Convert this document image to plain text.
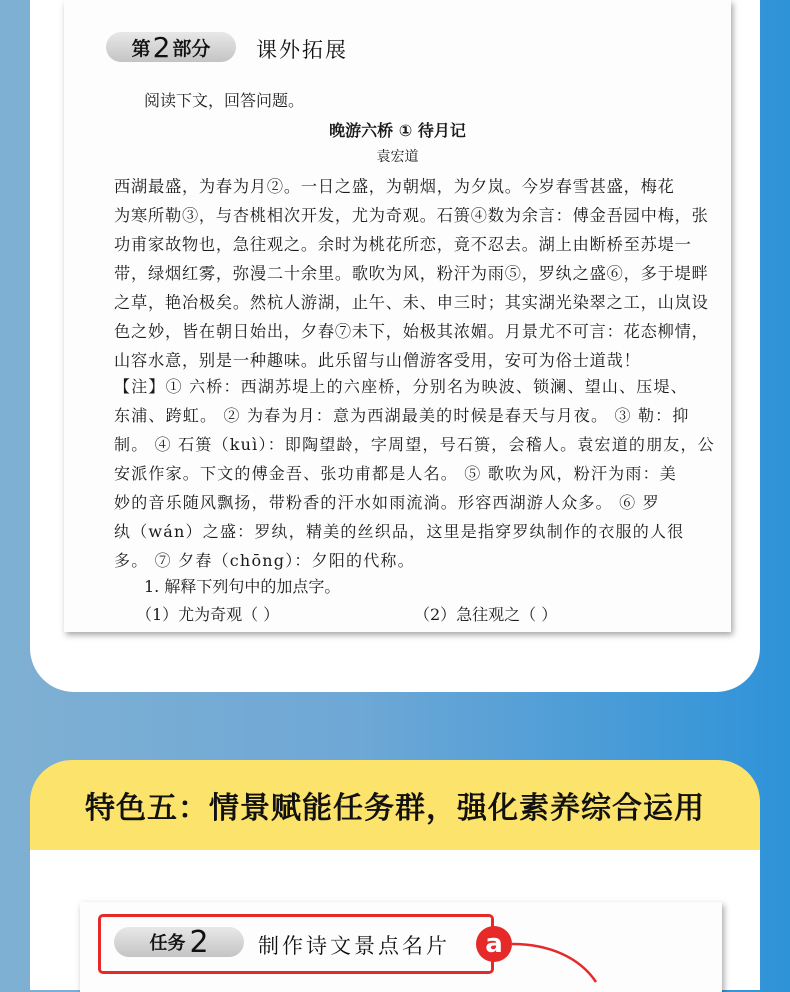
第 2 部分 课外拓展
阅读下文，回答问题。
晚游六桥 ① 待月记
袁宏道
西湖最盛，为春为月②。一日之盛，为朝烟，为夕岚。今岁春雪甚盛，梅花
为寒所勒③，与杏桃相次开发，尤为奇观。石篑④数为余言：傅金吾园中梅，张
功甫家故物也，急往观之。余时为桃花所恋，竟不忍去。湖上由断桥至苏堤一
带，绿烟红雾，弥漫二十余里。歌吹为风，粉汗为雨⑤，罗纨之盛⑥，多于堤畔
之草，艳冶极矣。然杭人游湖，止午、未、申三时；其实湖光染翠之工，山岚设
色之妙，皆在朝日始出，夕舂⑦未下，始极其浓媚。月景尤不可言：花态柳情，
山容水意，别是一种趣味。此乐留与山僧游客受用，安可为俗士道哉！
【注】① 六桥：西湖苏堤上的六座桥，分别名为映波、锁澜、望山、压堤、
东浦、跨虹。 ② 为春为月：意为西湖最美的时候是春天与月夜。 ③ 勒：抑
制。 ④ 石篑（kuì）：即陶望龄，字周望，号石篑，会稽人。袁宏道的朋友，公
安派作家。下文的傅金吾、张功甫都是人名。 ⑤ 歌吹为风，粉汗为雨：美
妙的音乐随风飘扬，带粉香的汗水如雨流淌。形容西湖游人众多。 ⑥ 罗
纨（wán）之盛：罗纨，精美的丝织品，这里是指穿罗纨制作的衣服的人很
多。 ⑦ 夕舂（chōng）：夕阳的代称。
1. 解释下列句中的加点字。
（1）尤为奇观（ ）	（2）急往观之（ ）
特色五：情景赋能任务群，强化素养综合运用
任务 2 制作诗文景点名片	a
